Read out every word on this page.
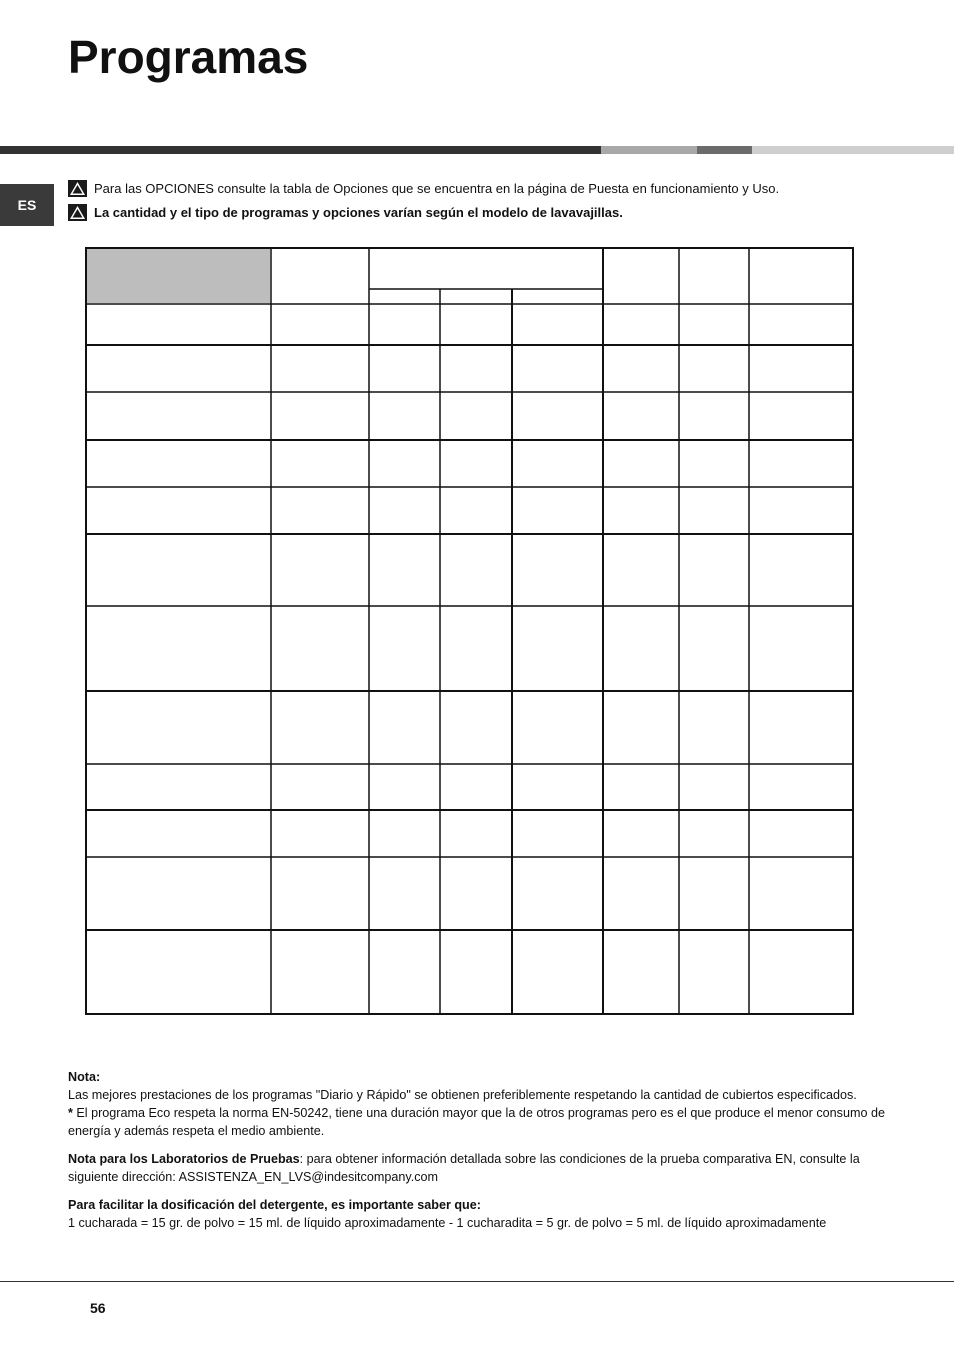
Programas
ES
Para las OPCIONES consulte la tabla de Opciones que se encuentra en la página de Puesta en funcionamiento y Uso.
La cantidad y el tipo de programas y opciones varían según el modelo de lavavajillas.

Nota:

Las mejores prestaciones de los programas "Diario y Rápido" se obtienen preferiblemente respetando la cantidad de cubiertos especificados.

* El programa Eco respeta la norma EN-50242, tiene una duración mayor que la de otros programas pero es el que produce el menor consumo de energía y además respeta el medio ambiente.

Nota para los Laboratorios de Pruebas: para obtener información detallada sobre las condiciones de la prueba comparativa EN, consulte la siguiente dirección: ASSISTENZA_EN_LVS@indesitcompany.com

Para facilitar la dosificación del detergente, es importante saber que:

1 cucharada = 15 gr. de polvo = 15 ml. de líquido aproximadamente - 1 cucharadita = 5 gr. de polvo = 5 ml. de líquido aproximadamente

56
